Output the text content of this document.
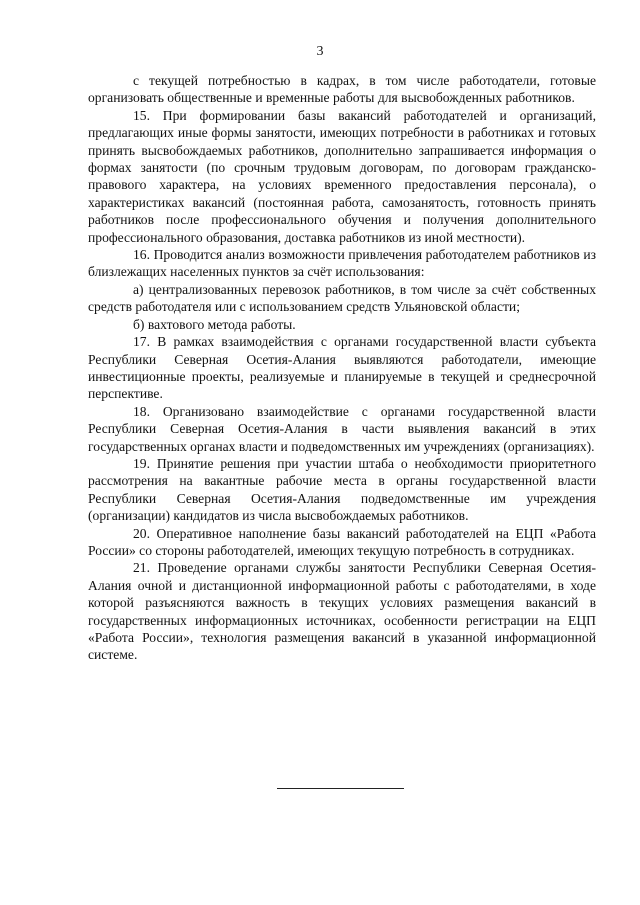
3

с текущей потребностью в кадрах, в том числе работодатели, готовые организовать общественные и временные работы для высвобожденных работников.

15. При формировании базы вакансий работодателей и организаций, предлагающих иные формы занятости, имеющих потребности в работниках и готовых принять высвобождаемых работников, дополнительно запрашивается информация о формах занятости (по срочным трудовым договорам, по договорам гражданско-правового характера, на условиях временного предоставления персонала), о характеристиках вакансий (постоянная работа, самозанятость, готовность принять работников после профессионального обучения и получения дополнительного профессионального образования, доставка работников из иной местности).

16. Проводится анализ возможности привлечения работодателем работников из близлежащих населенных пунктов за счёт использования:

а) централизованных перевозок работников, в том числе за счёт собственных средств работодателя или с использованием средств Ульяновской области;

б) вахтового метода работы.

17. В рамках взаимодействия с органами государственной власти субъекта Республики Северная Осетия-Алания выявляются работодатели, имеющие инвестиционные проекты, реализуемые и планируемые в текущей и среднесрочной перспективе.

18. Организовано взаимодействие с органами государственной власти Республики Северная Осетия-Алания в части выявления вакансий в этих государственных органах власти и подведомственных им учреждениях (организациях).

19. Принятие решения при участии штаба о необходимости приоритетного рассмотрения на вакантные рабочие места в органы государственной власти Республики Северная Осетия-Алания подведомственные им учреждения (организации) кандидатов из числа высвобождаемых работников.

20. Оперативное наполнение базы вакансий работодателей на ЕЦП «Работа России» со стороны работодателей, имеющих текущую потребность в сотрудниках.

21. Проведение органами службы занятости Республики Северная Осетия-Алания очной и дистанционной информационной работы с работодателями, в ходе которой разъясняются важность в текущих условиях размещения вакансий в государственных информационных источниках, особенности регистрации на ЕЦП «Работа России», технология размещения вакансий в указанной информационной системе.
